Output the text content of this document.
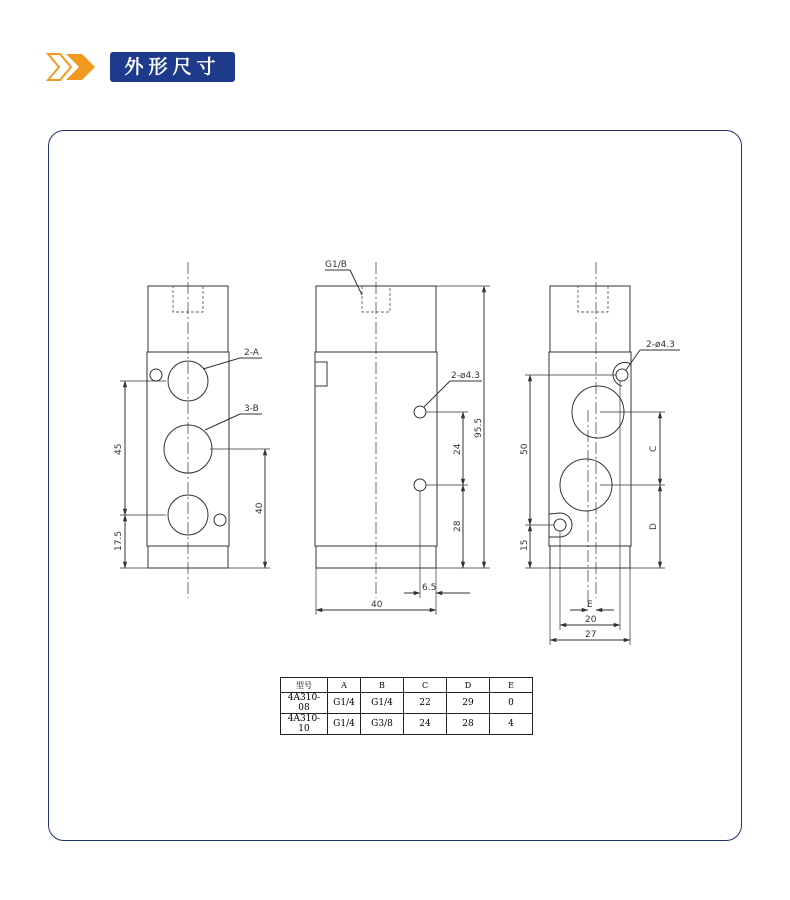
外形尺寸
2-A
3-B
45
17.5
40
G1/B
2-ø4.3
95.5
24
28
6.5
40
2-ø4.3
50
15
C
D
E
20
27
型号	A	B	C	D	E
4A310-08	G1/4	G1/4	22	29	0
4A310-10	G1/4	G3/8	24	28	4
